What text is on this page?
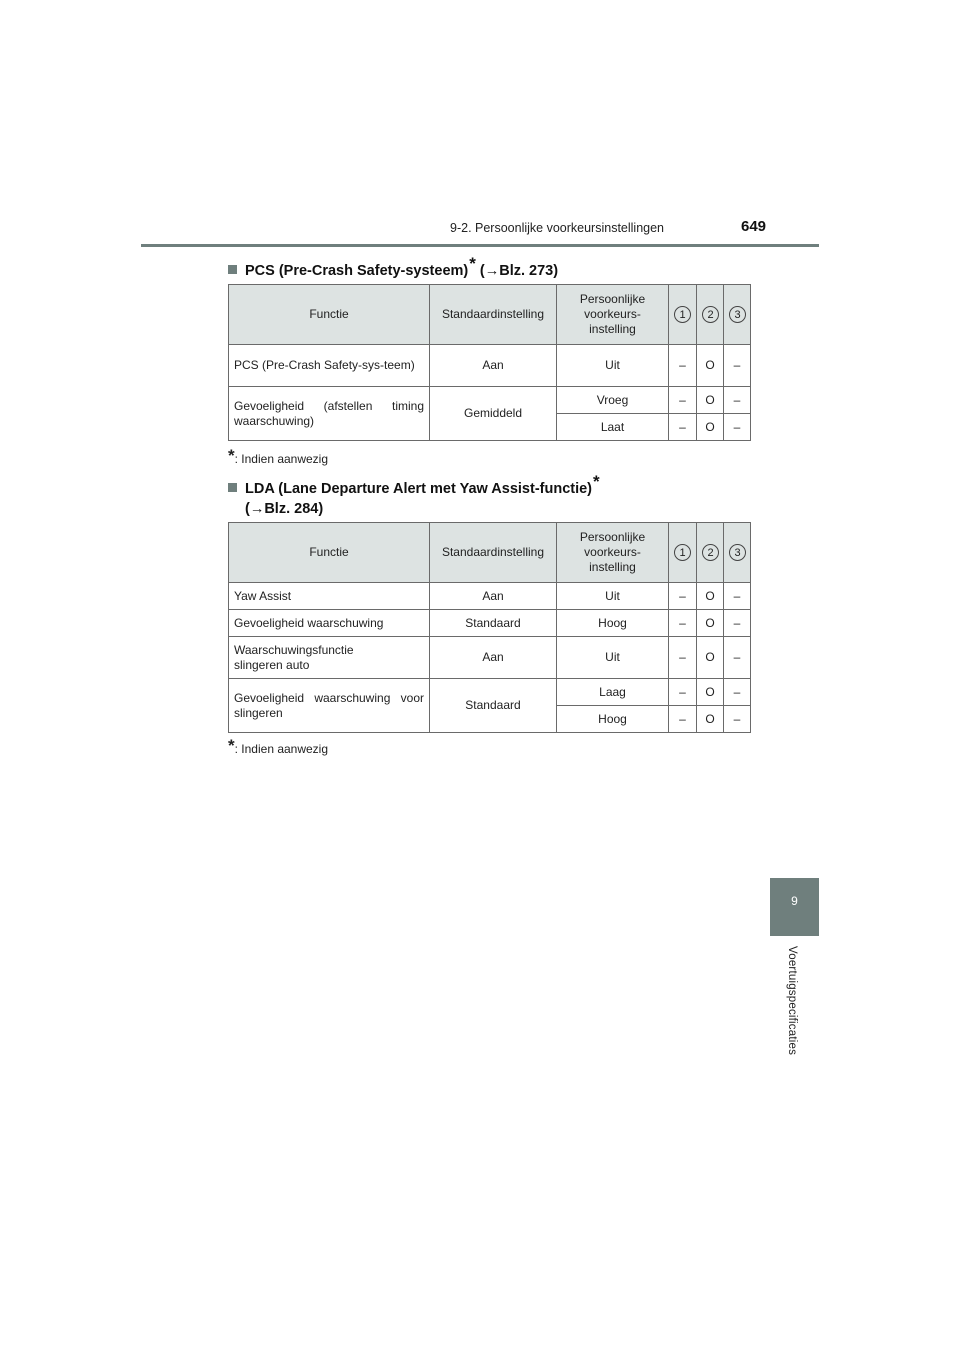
9-2. Persoonlijke voorkeursinstellingen	649
9
Voertuigspecificaties
PCS (Pre-Crash Safety-systeem)* (→Blz. 273)
Functie	Standaardinstelling	Persoonlijke
voorkeurs-
instelling	1	2	3
PCS (Pre-Crash Safety-sys-teem)	Aan	Uit	–	O	–
Gevoeligheid (afstellen timing waarschuwing)	Gemiddeld	Vroeg	–	O	–
		Laat	–	O	–
*: Indien aanwezig
LDA (Lane Departure Alert met Yaw Assist-functie)*
(→Blz. 284)
Functie	Standaardinstelling	Persoonlijke
voorkeurs-
instelling	1	2	3
Yaw Assist	Aan	Uit	–	O	–
Gevoeligheid waarschuwing	Standaard	Hoog	–	O	–
Waarschuwingsfunctie slingeren auto	Aan	Uit	–	O	–
Gevoeligheid waarschuwing voor slingeren	Standaard	Laag	–	O	–
		Hoog	–	O	–
*: Indien aanwezig
